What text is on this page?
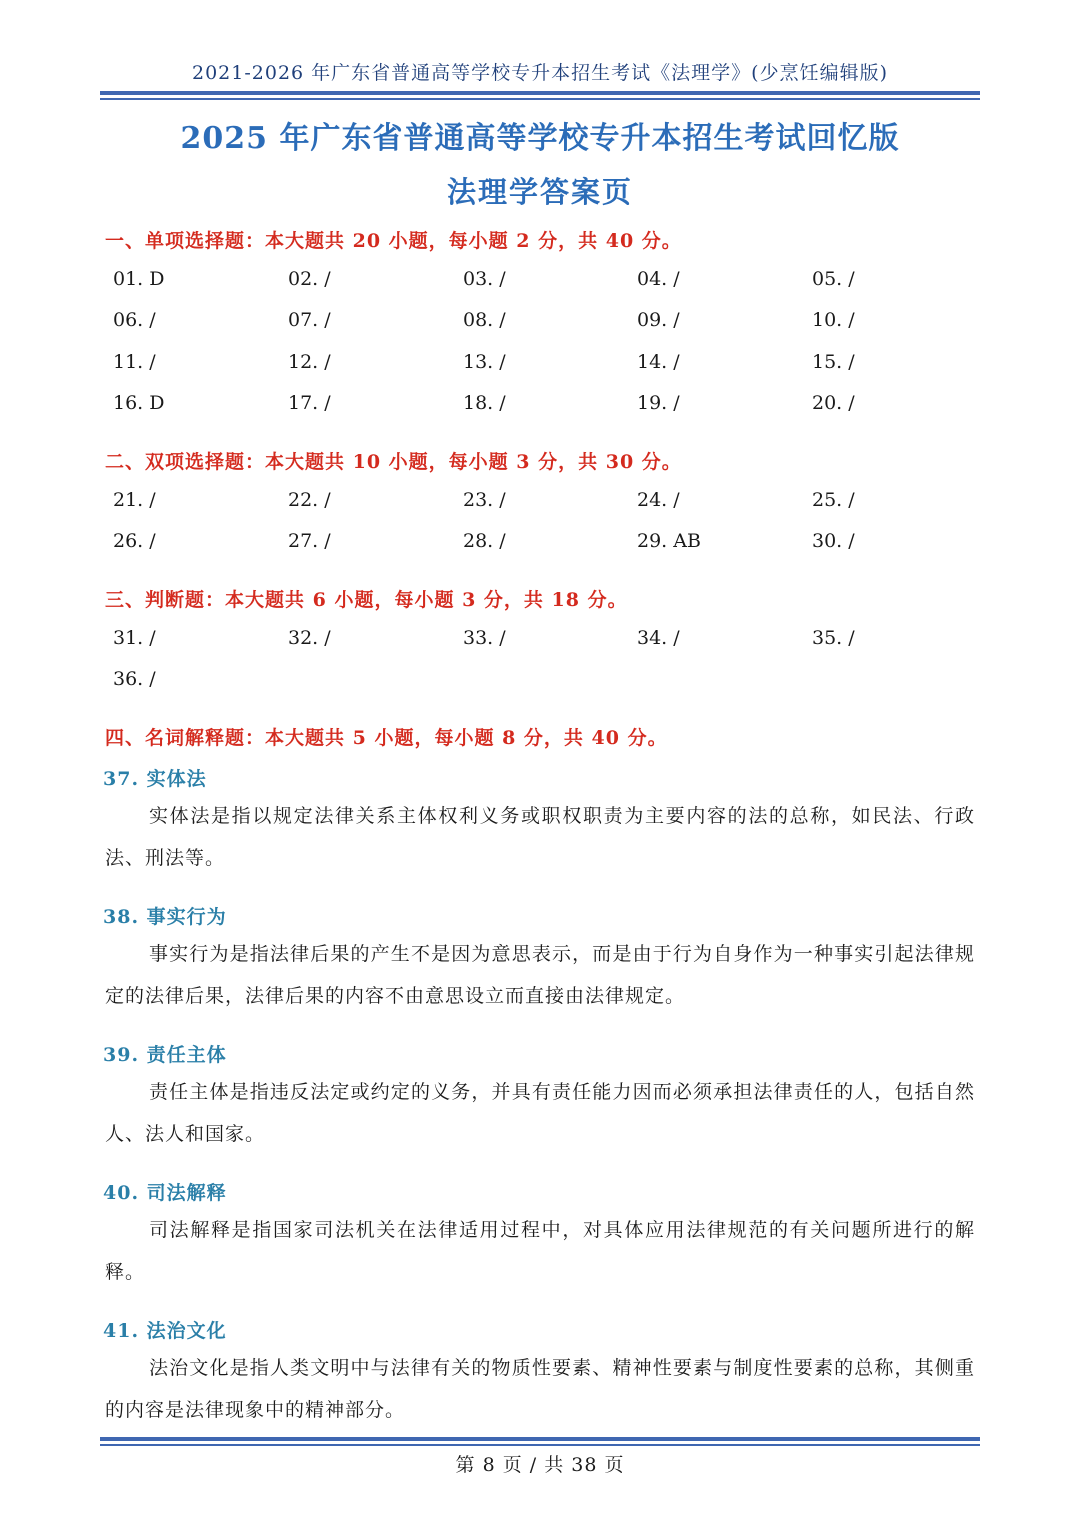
2021-2026 年广东省普通高等学校专升本招生考试《法理学》(少烹饪编辑版)
2025 年广东省普通高等学校专升本招生考试回忆版
法理学答案页
一、单项选择题：本大题共 20 小题，每小题 2 分，共 40 分。
01. D	02. /	03. /	04. /	05. /
06. /	07. /	08. /	09. /	10. /
11. /	12. /	13. /	14. /	15. /
16. D	17. /	18. /	19. /	20. /
二、双项选择题：本大题共 10 小题，每小题 3 分，共 30 分。
21. /	22. /	23. /	24. /	25. /
26. /	27. /	28. /	29. AB	30. /
三、判断题：本大题共 6 小题，每小题 3 分，共 18 分。
31. /	32. /	33. /	34. /	35. /
36. /
四、名词解释题：本大题共 5 小题，每小题 8 分，共 40 分。
37. 实体法
实体法是指以规定法律关系主体权利义务或职权职责为主要内容的法的总称，如民法、行政法、刑法等。
38. 事实行为
事实行为是指法律后果的产生不是因为意思表示，而是由于行为自身作为一种事实引起法律规定的法律后果，法律后果的内容不由意思设立而直接由法律规定。
39. 责任主体
责任主体是指违反法定或约定的义务，并具有责任能力因而必须承担法律责任的人，包括自然人、法人和国家。
40. 司法解释
司法解释是指国家司法机关在法律适用过程中，对具体应用法律规范的有关问题所进行的解释。
41. 法治文化
法治文化是指人类文明中与法律有关的物质性要素、精神性要素与制度性要素的总称，其侧重的内容是法律现象中的精神部分。
第 8 页 / 共 38 页
